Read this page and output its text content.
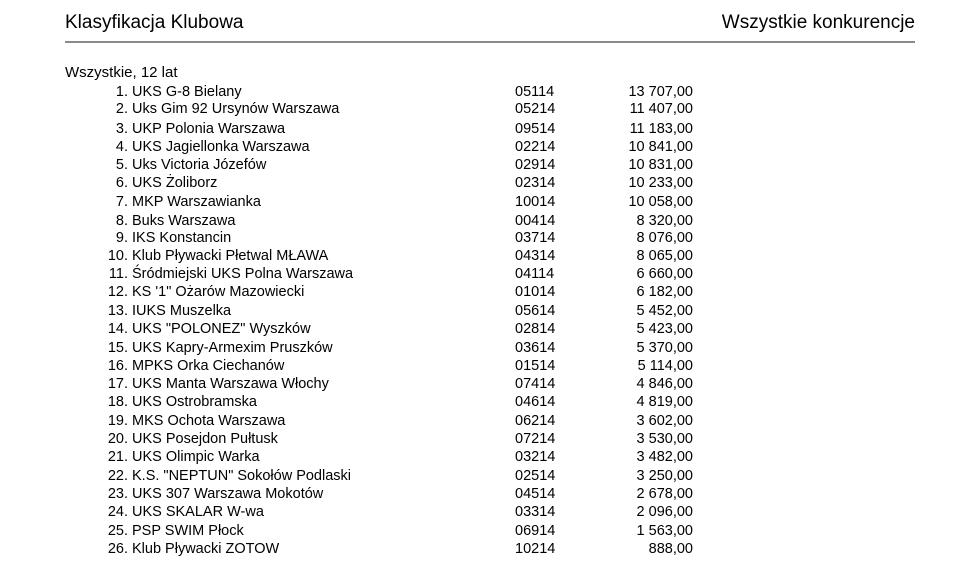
Klasyfikacja Klubowa	Wszystkie konkurencje
Wszystkie, 12 lat
1. UKS G-8 Bielany	05114	13 707,00
2. Uks Gim 92 Ursynów Warszawa	05214	11 407,00
3. UKP Polonia Warszawa	09514	11 183,00
4. UKS Jagiellonka Warszawa	02214	10 841,00
5. Uks Victoria Józefów	02914	10 831,00
6. UKS Żoliborz	02314	10 233,00
7. MKP Warszawianka	10014	10 058,00
8. Buks Warszawa	00414	8 320,00
9. IKS Konstancin	03714	8 076,00
10. Klub Pływacki Płetwal MŁAWA	04314	8 065,00
11. Śródmiejski UKS Polna Warszawa	04114	6 660,00
12. KS '1" Ożarów Mazowiecki	01014	6 182,00
13. IUKS Muszelka	05614	5 452,00
14. UKS "POLONEZ" Wyszków	02814	5 423,00
15. UKS Kapry-Armexim Pruszków	03614	5 370,00
16. MPKS Orka Ciechanów	01514	5 114,00
17. UKS Manta Warszawa Włochy	07414	4 846,00
18. UKS Ostrobramska	04614	4 819,00
19. MKS Ochota Warszawa	06214	3 602,00
20. UKS Posejdon Pułtusk	07214	3 530,00
21. UKS Olimpic Warka	03214	3 482,00
22. K.S. "NEPTUN" Sokołów Podlaski	02514	3 250,00
23. UKS 307 Warszawa Mokotów	04514	2 678,00
24. UKS SKALAR W-wa	03314	2 096,00
25. PSP SWIM Płock	06914	1 563,00
26. Klub Pływacki ZOTOW	10214	888,00
